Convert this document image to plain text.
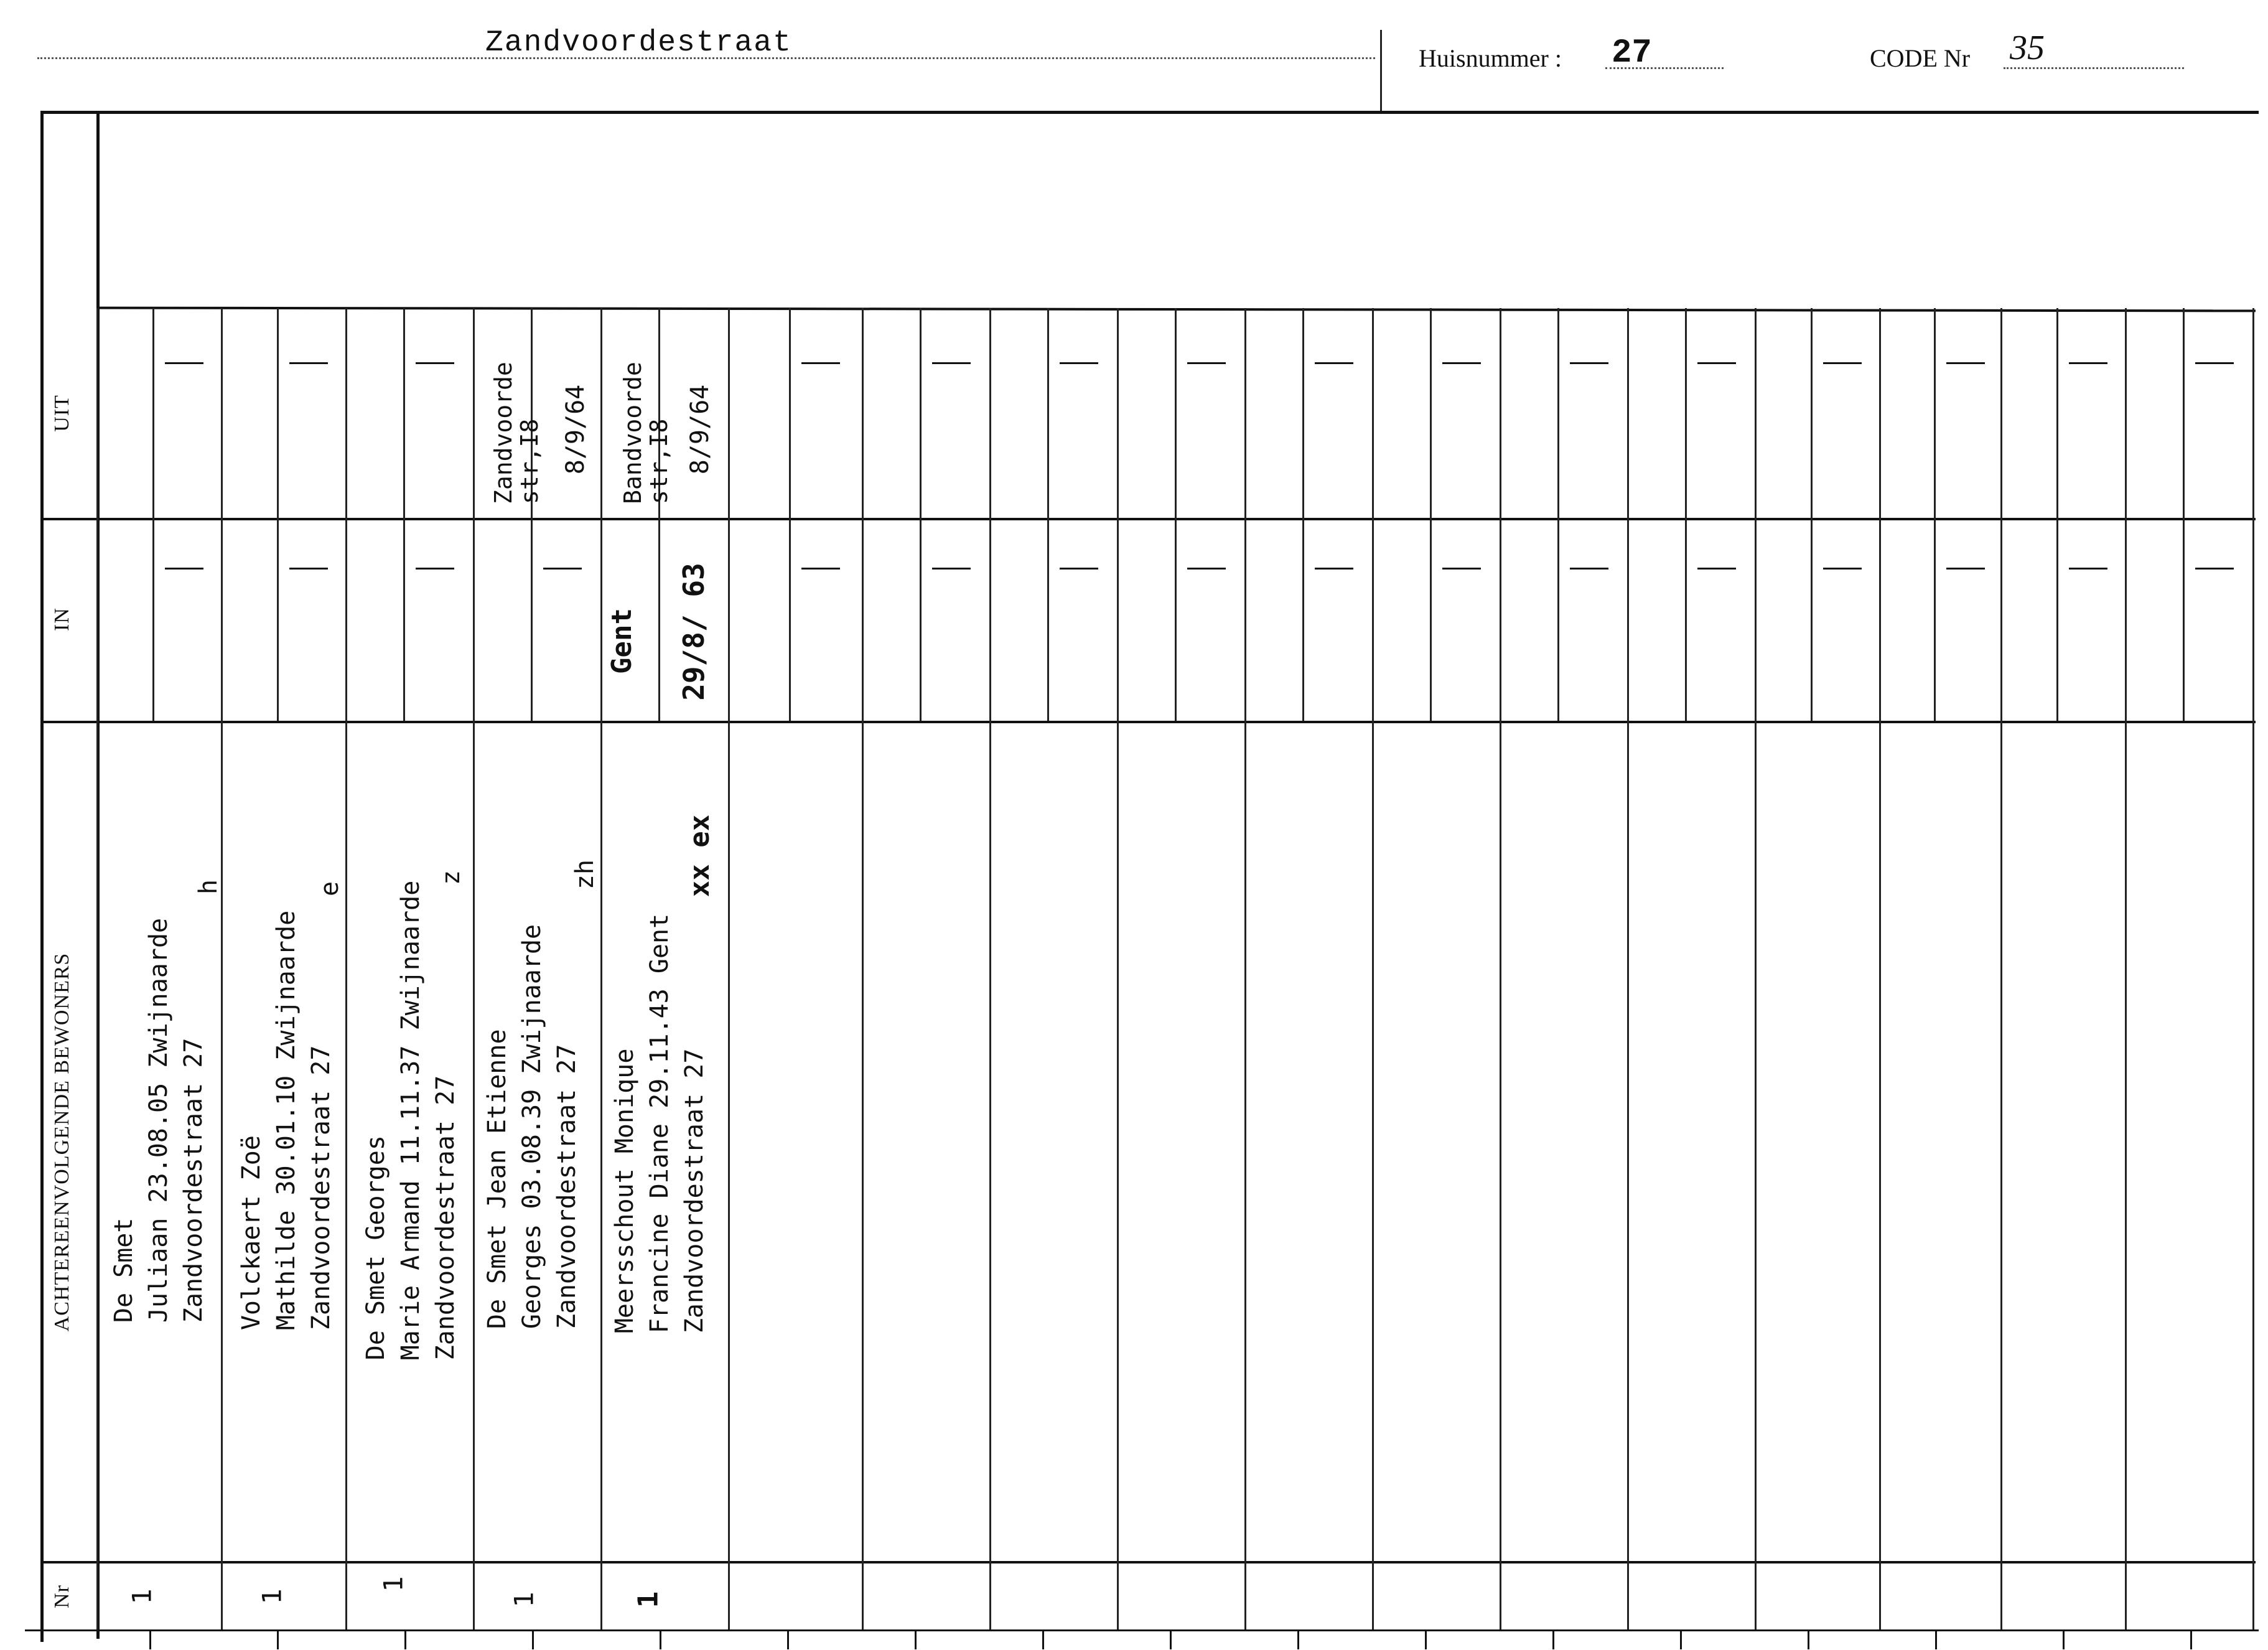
Zandvoordestraat	Huisnummer : 27	CODE Nr 35
UIT
IN
ACHTEREENVOLGENDE BEWONERS
Nr
De Smet Juliaan 23.08.05 Zwijnaarde Zandvoordestraat 27
h
1
Volckaert Zoë Mathilde 30.01.10 Zwijnaarde Zandvoordestraat 27
e
1
De Smet Georges Marie Armand 11.11.37 Zwijnaarde Zandvoordestraat 27
z
1
De Smet Jean Etienne Georges 03.08.39 Zwijnaarde Zandvoordestraat 27
zh
1
Zandvoorde str,I8 8/9/64
Meersschout Monique Francine Diane 29.11.43 Gent Zandvoordestraat 27
xx ex
1
Gent 29/8/ 63
Bandvoorde str,I8 8/9/64
